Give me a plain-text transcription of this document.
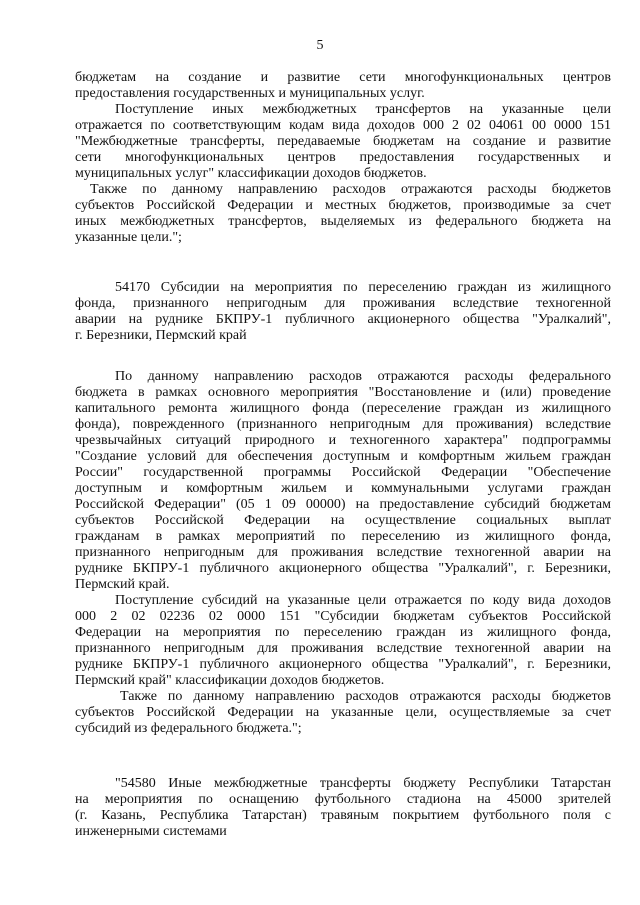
5
бюджетам на создание и развитие сети многофункциональных центров
предоставления государственных и муниципальных услуг.
Поступление иных межбюджетных трансфертов на указанные цели
отражается по соответствующим кодам вида доходов 000 2 02 04061 00 0000 151
"Межбюджетные трансферты, передаваемые бюджетам на создание и развитие
сети многофункциональных центров предоставления государственных и
муниципальных услуг" классификации доходов бюджетов.
Также по данному направлению расходов отражаются расходы бюджетов
субъектов Российской Федерации и местных бюджетов, производимые за счет
иных межбюджетных трансфертов, выделяемых из федерального бюджета на
указанные цели.";
54170 Субсидии на мероприятия по переселению граждан из жилищного
фонда, признанного непригодным для проживания вследствие техногенной
аварии на руднике БКПРУ-1 публичного акционерного общества "Уралкалий",
г. Березники, Пермский край
По данному направлению расходов отражаются расходы федерального
бюджета в рамках основного мероприятия "Восстановление и (или) проведение
капитального ремонта жилищного фонда (переселение граждан из жилищного
фонда), поврежденного (признанного непригодным для проживания) вследствие
чрезвычайных ситуаций природного и техногенного характера" подпрограммы
"Создание условий для обеспечения доступным и комфортным жильем граждан
России" государственной программы Российской Федерации "Обеспечение
доступным и комфортным жильем и коммунальными услугами граждан
Российской Федерации" (05 1 09 00000) на предоставление субсидий бюджетам
субъектов Российской Федерации на осуществление социальных выплат
гражданам в рамках мероприятий по переселению из жилищного фонда,
признанного непригодным для проживания вследствие техногенной аварии на
руднике БКПРУ-1 публичного акционерного общества "Уралкалий", г. Березники,
Пермский край.
Поступление субсидий на указанные цели отражается по коду вида доходов
000 2 02 02236 02 0000 151 "Субсидии бюджетам субъектов Российской
Федерации на мероприятия по переселению граждан из жилищного фонда,
признанного непригодным для проживания вследствие техногенной аварии на
руднике БКПРУ-1 публичного акционерного общества "Уралкалий", г. Березники,
Пермский край" классификации доходов бюджетов.
Также по данному направлению расходов отражаются расходы бюджетов
субъектов Российской Федерации на указанные цели, осуществляемые за счет
субсидий из федерального бюджета.";
"54580 Иные межбюджетные трансферты бюджету Республики Татарстан
на мероприятия по оснащению футбольного стадиона на 45000 зрителей
(г. Казань, Республика Татарстан) травяным покрытием футбольного поля с
инженерными системами
